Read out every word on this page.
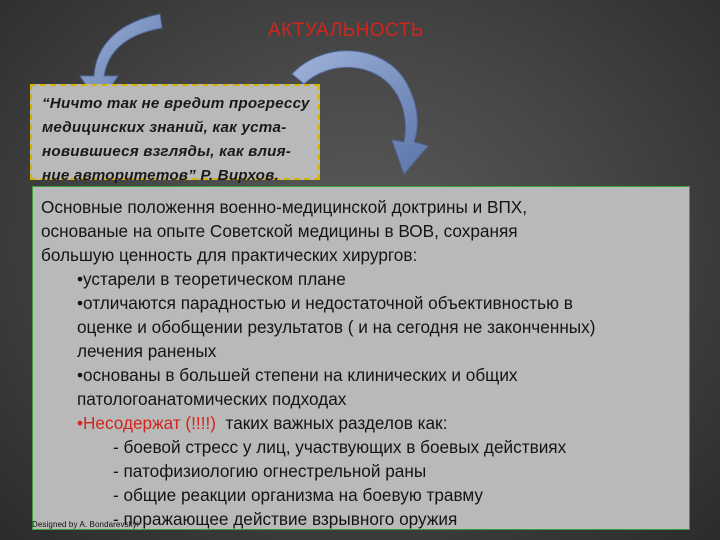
АКТУАЛЬНОСТЬ

“Ничто так не вредит прогрессу

медицинских знаний, как уста-

новившиеся взгляды, как влия-

ние авторитетов” Р. Вирхов.

Основные положення военно-медицинской доктрины и ВПХ,

основаные на опыте Советской медицины в ВОВ, сохраняя

большую ценность для практических хирургов:

•устарели в теоретическом плане

•отличаются парадностью и недостаточной объективностью в

оценке и обобщении результатов ( и на сегодня не законченных)

лечения раненых

•основаны в большей степени на клинических и общих

патологоанатомических подходах

•Несодержат (!!!!)  таких важных разделов как:

- боевой стресс у лиц, участвующих в боевых действиях

- патофизиологию огнестрельной раны

- общие реакции организма на боевую травму

- поражающее действие взрывного оружия

Designed by A. Bondarevskyi
